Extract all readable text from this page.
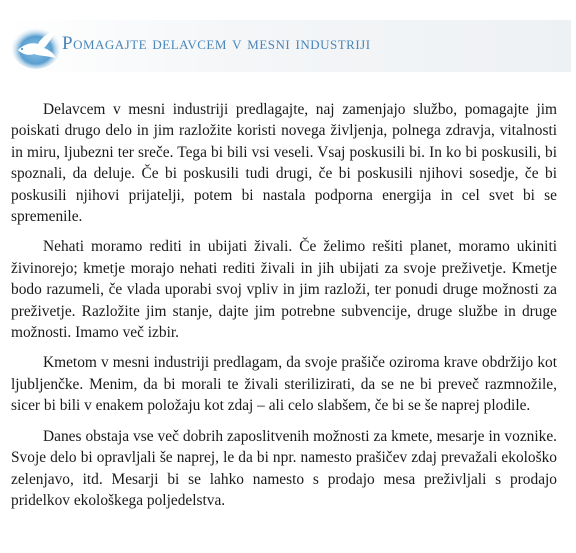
Pomagajte delavcem v mesni industriji

Delavcem v mesni industriji predlagajte, naj zamenjajo službo, pomagajte jim poiskati drugo delo in jim razložite koristi novega življenja, polnega zdravja, vitalnosti in miru, ljubezni ter sreče. Tega bi bili vsi veseli. Vsaj poskusili bi. In ko bi poskusili, bi spoznali, da deluje. Če bi poskusili tudi drugi, če bi poskusili njihovi sosedje, če bi poskusili njihovi prijatelji, potem bi nastala podporna energija in cel svet bi se spremenile.

Nehati moramo rediti in ubijati živali. Če želimo rešiti planet, moramo ukiniti živinorejo; kmetje morajo nehati rediti živali in jih ubijati za svoje preživetje. Kmetje bodo razumeli, če vlada uporabi svoj vpliv in jim razloži, ter ponudi druge možnosti za preživetje. Razložite jim stanje, dajte jim potrebne subvencije, druge službe in druge možnosti. Imamo več izbir.

Kmetom v mesni industriji predlagam, da svoje prašiče oziroma krave obdržijo kot ljubljenčke. Menim, da bi morali te živali sterilizirati, da se ne bi preveč razmnožile, sicer bi bili v enakem položaju kot zdaj – ali celo slabšem, če bi se še naprej plodile.

Danes obstaja vse več dobrih zaposlitvenih možnosti za kmete, mesarje in voznike. Svoje delo bi opravljali še naprej, le da bi npr. namesto prašičev zdaj prevažali ekološko zelenjavo, itd. Mesarji bi se lahko namesto s prodajo mesa preživljali s prodajo pridelkov ekološkega poljedelstva.
